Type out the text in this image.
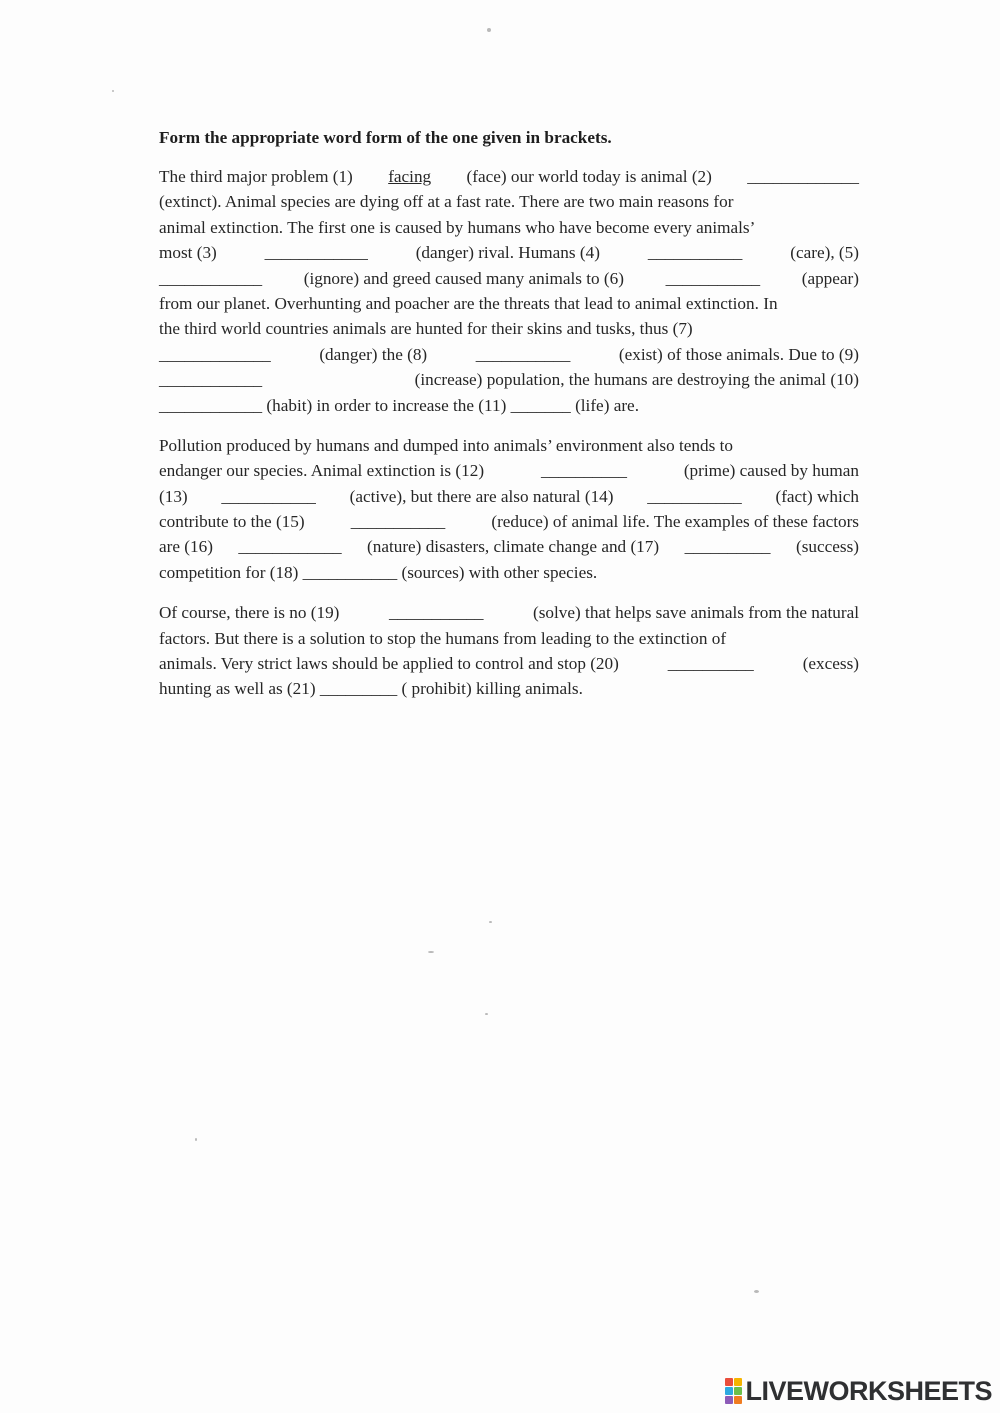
Form the appropriate word form of the one given in brackets.
The third major problem (1) facing (face) our world today is animal (2) _____________
(extinct). Animal species are dying off at a fast rate. There are two main reasons for
animal extinction. The first one is caused by humans who have become every animals’
most (3)	____________	(danger) rival. Humans (4)	___________	(care), (5)
____________ (ignore) and greed caused many animals to (6) ___________ (appear)
from our planet. Overhunting and poacher are the threats that lead to animal extinction. In
the third world countries animals are hunted for their skins and tusks, thus (7)
_____________	(danger) the (8)	___________	(exist) of those animals. Due to (9)
____________	(increase) population, the humans are destroying the animal (10)
____________ (habit) in order to increase the (11) _______ (life) are.
Pollution produced by humans and dumped into animals’ environment also tends to
endanger our species. Animal extinction is (12)	__________	(prime) caused by human
(13) ___________ (active), but there are also natural (14) ___________ (fact) which
contribute to the (15) ___________ (reduce) of animal life. The examples of these factors
are (16) ____________ (nature) disasters, climate change and (17) __________ (success)
competition for (18) ___________ (sources) with other species.
Of course, there is no (19)	___________	(solve) that helps save animals from the natural
factors. But there is a solution to stop the humans from leading to the extinction of
animals. Very strict laws should be applied to control and stop (20)	__________	(excess)
hunting as well as (21) _________ ( prohibit) killing animals.
LIVEWORKSHEETS
